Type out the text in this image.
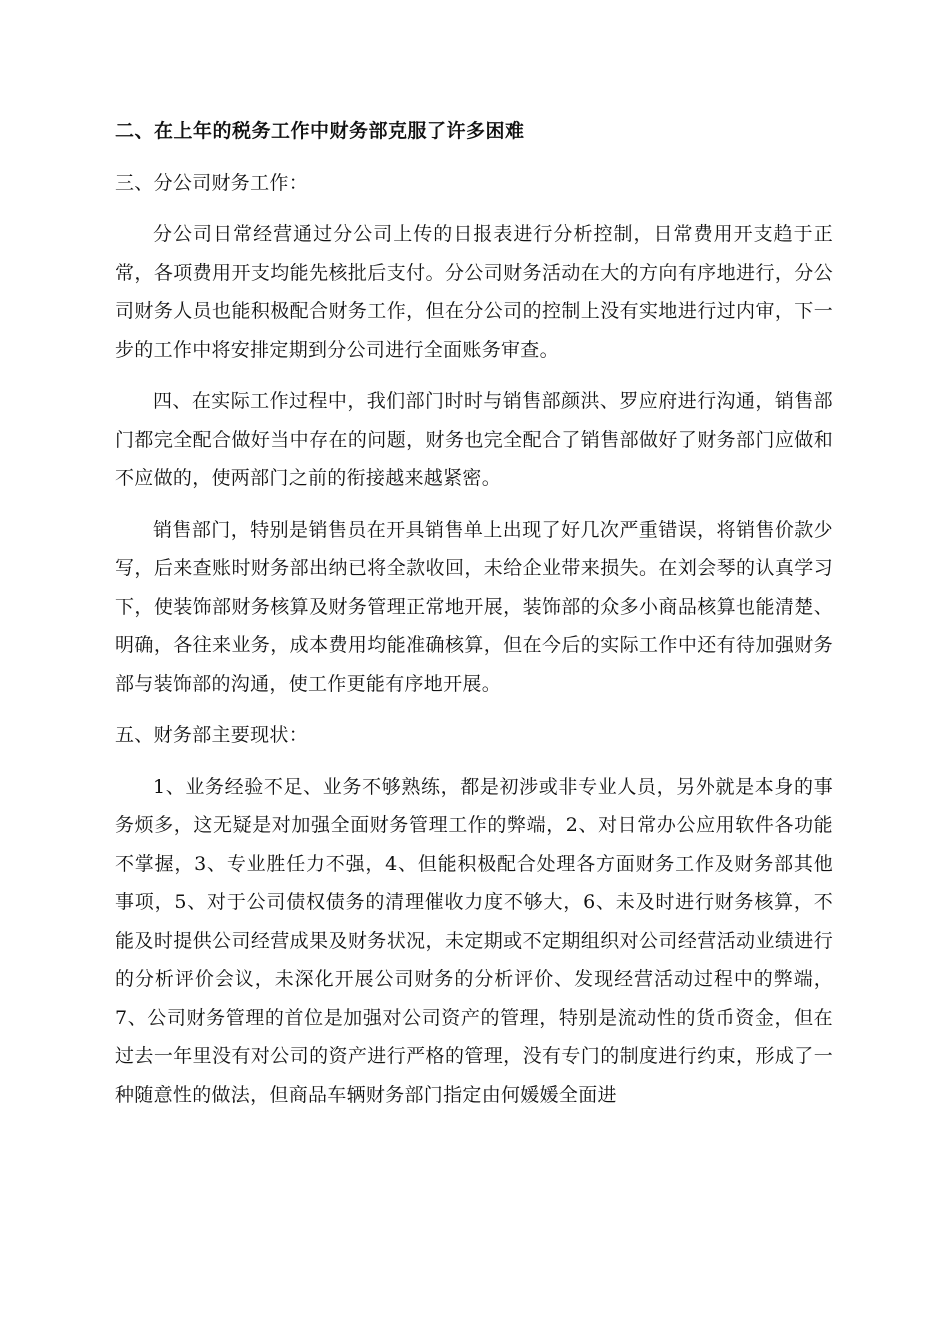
二、在上年的税务工作中财务部克服了许多困难

三、分公司财务工作：

分公司日常经营通过分公司上传的日报表进行分析控制，日常费用开支趋于正常，各项费用开支均能先核批后支付。分公司财务活动在大的方向有序地进行，分公司财务人员也能积极配合财务工作，但在分公司的控制上没有实地进行过内审，下一步的工作中将安排定期到分公司进行全面账务审查。

四、在实际工作过程中，我们部门时时与销售部颜洪、罗应府进行沟通，销售部门都完全配合做好当中存在的问题，财务也完全配合了销售部做好了财务部门应做和不应做的，使两部门之前的衔接越来越紧密。

销售部门，特别是销售员在开具销售单上出现了好几次严重错误，将销售价款少写，后来查账时财务部出纳已将全款收回，未给企业带来损失。在刘会琴的认真学习下，使装饰部财务核算及财务管理正常地开展，装饰部的众多小商品核算也能清楚、明确，各往来业务，成本费用均能准确核算，但在今后的实际工作中还有待加强财务部与装饰部的沟通，使工作更能有序地开展。

五、财务部主要现状：

1、业务经验不足、业务不够熟练，都是初涉或非专业人员，另外就是本身的事务烦多，这无疑是对加强全面财务管理工作的弊端，2、对日常办公应用软件各功能不掌握，3、专业胜任力不强，4、但能积极配合处理各方面财务工作及财务部其他事项，5、对于公司债权债务的清理催收力度不够大，6、未及时进行财务核算，不能及时提供公司经营成果及财务状况，未定期或不定期组织对公司经营活动业绩进行的分析评价会议，未深化开展公司财务的分析评价、发现经营活动过程中的弊端，7、公司财务管理的首位是加强对公司资产的管理，特别是流动性的货币资金，但在过去一年里没有对公司的资产进行严格的管理，没有专门的制度进行约束，形成了一种随意性的做法，但商品车辆财务部门指定由何媛媛全面进
